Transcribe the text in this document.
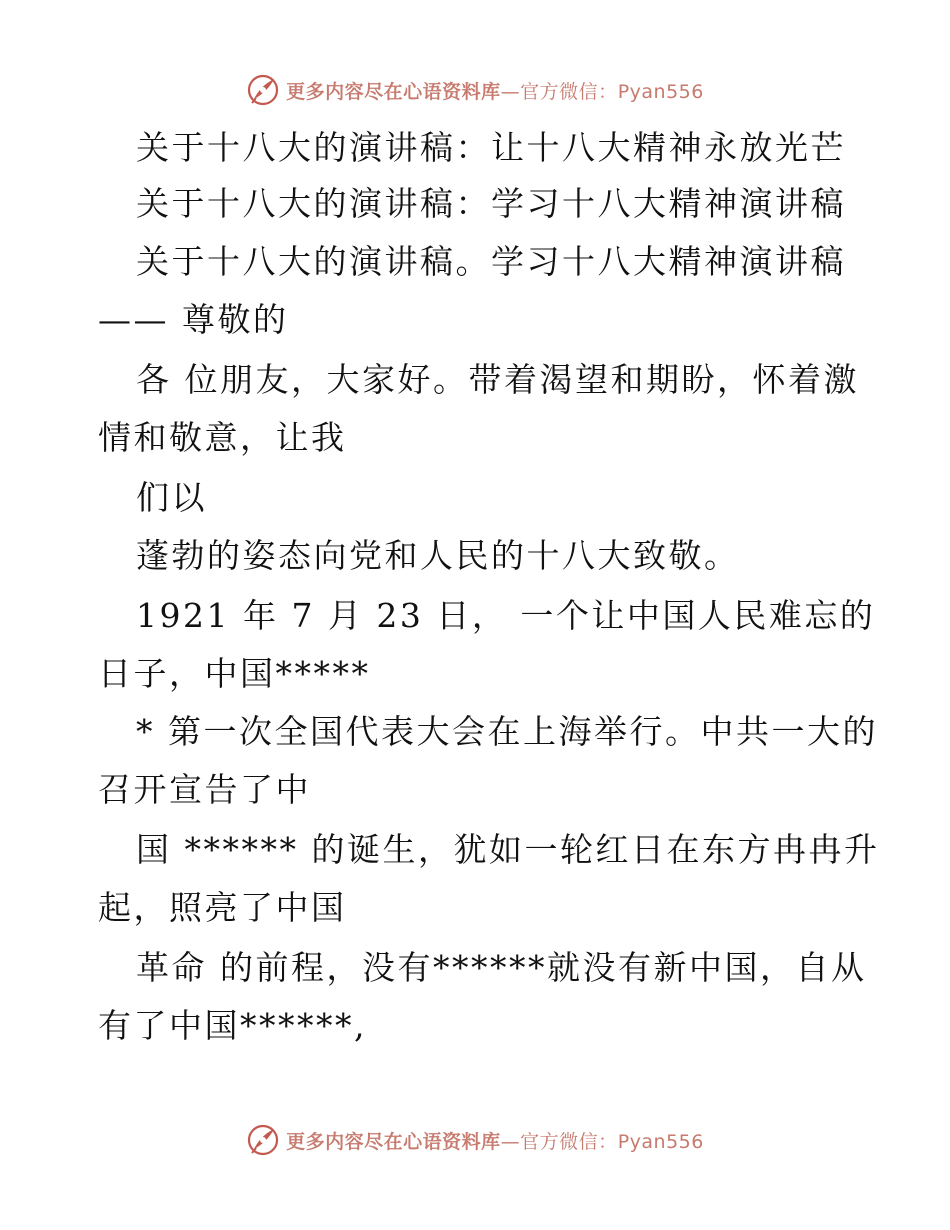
更多内容尽在心语资料库—官方微信：Pyan556
关于十八大的演讲稿：让十八大精神永放光芒
关于十八大的演讲稿：学习十八大精神演讲稿
关于十八大的演讲稿。学习十八大精神演讲稿
—— 尊敬的
各 位朋友，大家好。带着渴望和期盼，怀着激
情和敬意，让我
们以
蓬勃的姿态向党和人民的十八大致敬。
1921 年 7 月 23 日， 一个让中国人民难忘的
日子，中国*****
* 第一次全国代表大会在上海举行。中共一大的
召开宣告了中
国 ****** 的诞生，犹如一轮红日在东方冉冉升
起，照亮了中国
革命 的前程，没有******就没有新中国，自从
有了中国******,
更多内容尽在心语资料库—官方微信：Pyan556
